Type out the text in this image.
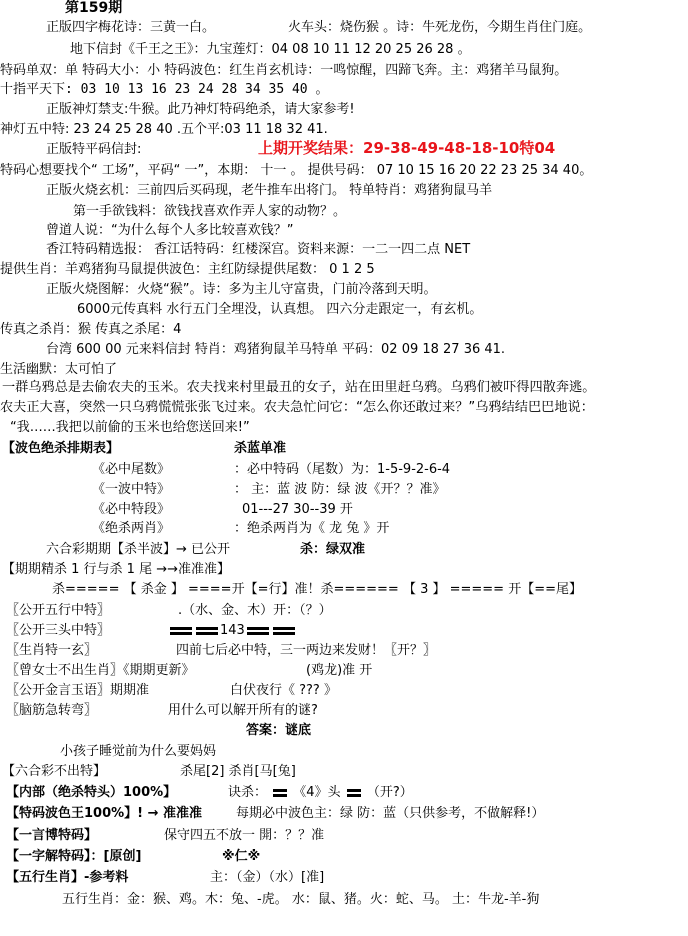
第159期
正版四字梅花诗：三黄一白。	火车头：烧伤猴 。诗：牛死龙伤，今期生肖住门庭。
地下信封《千王之王》：九宝莲灯：04 08 10 11 12 20 25 26 28 。
特码单双：单 特码大小：小 特码波色：红生肖玄机诗：一鸣惊醒，四蹄飞奔。主：鸡猪羊马鼠狗。
十指平天下: 03 10 13 16 23 24 28 34 35 40 。
正版神灯禁支:牛猴。此乃神灯特码绝杀，请大家参考!
神灯五中特: 23 24 25 28 40 .五个平:03 11 18 32 41.
正版特平码信封:	上期开奖结果：29-38-49-48-18-10特04
特码心想要找个“ 工场”，平码“ 一”，本期： 十一 。 提供号码： 07 10 15 16 20 22 23 25 34 40。
正版火烧玄机：三前四后买码现，老牛推车出将门。 特单特肖：鸡猪狗鼠马羊
第一手欲钱料：欲钱找喜欢作弄人家的动物？。
曾道人说：“为什么每个人多比较喜欢钱？”
香江特码精选报： 香江话特码：红楼深宫。资料来源：一二一四二点 NET
提供生肖：羊鸡猪狗马鼠提供波色：主红防绿提供尾数： 0 1 2 5
正版火烧图解：火烧“猴”。诗：多为主儿守富贵，门前冷落到天明。
6000元传真料 水行五门全埋没，认真想。 四六分走跟定一，有玄机。
传真之杀肖：猴 传真之杀尾：4
台湾 600 00 元来料信封 特肖：鸡猪狗鼠羊马特单 平码：02 09 18 27 36 41.
生活幽默：太可怕了
一群乌鸦总是去偷农夫的玉米。农夫找来村里最丑的女子，站在田里赶乌鸦。乌鸦们被吓得四散奔逃。
农夫正大喜，突然一只乌鸦慌慌张张飞过来。农夫急忙问它：“怎么你还敢过来？”乌鸦结结巴巴地说：
“我……我把以前偷的玉米也给您送回来!”
【波色绝杀排期表】	杀蓝单准
《必中尾数》	：必中特码（尾数）为：1-5-9-2-6-4
《一波中特》	： 主：蓝 波 防：绿 波《开？？准》
《必中特段》	01---27 30--39 开
《绝杀两肖》	：绝杀两肖为《 龙 兔 》开
六合彩期期【杀半波】→ 已公开	杀：绿双准
【期期精杀 1 行与杀 1 尾 →→准准准】
杀===== 【 杀金 】 ====开【=行】准！杀====== 【 3 】 ===== 开【==尾】
〖公开五行中特〗	.（水、金、木）开：（？）
〖公开三头中特〗	143
〖生肖特一玄〗	四前七后必中特，三一两边来发财！〖开？〗
〖曾女士不出生肖〗《期期更新》	(鸡龙)准 开
〖公开金言玉语〗期期准	白伏夜行《 ??? 》
〖脑筋急转弯〗	用什么可以解开所有的谜?
答案：谜底
小孩子睡觉前为什么要妈妈
【六合彩不出特】	杀尾[2] 杀肖[马[兔]
【内部（绝杀特头）100%】	诀杀： 《4》头 （开?）
【特码波色王100%】! → 准准准	每期必中波色主：绿 防：蓝（只供参考，不做解释!）
【一言博特码】	保守四五不放一 開：？？准
【一字解特码】：[原创]	※仁※
【五行生肖】-参考料	主：（金）（水）[准]
五行生肖：金：猴、鸡。木：兔、-虎。 水：鼠、猪。火：蛇、马。 土：牛龙-羊-狗
